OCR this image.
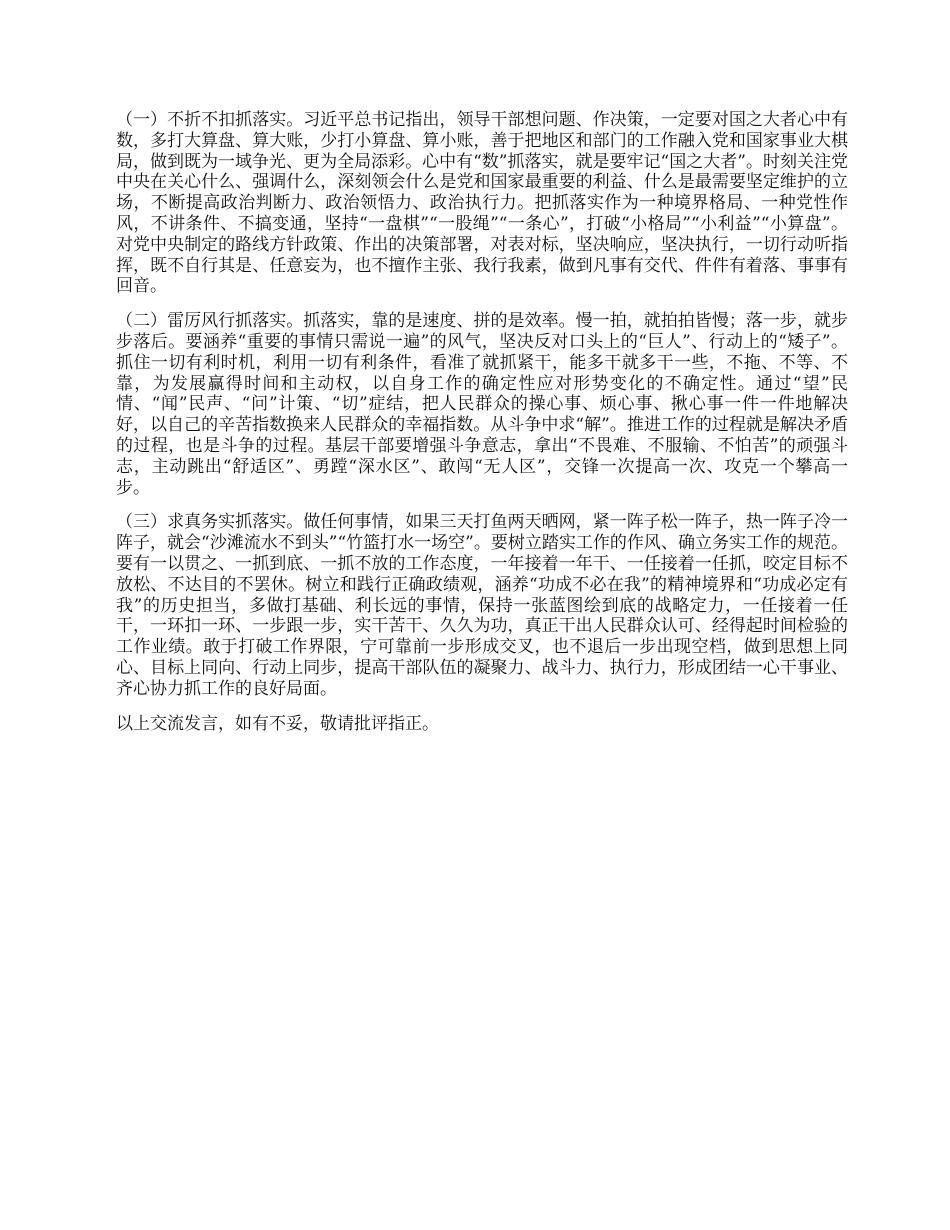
（一）不折不扣抓落实。习近平总书记指出，领导干部想问题、作决策，一定要对国之大者心中有数，多打大算盘、算大账，少打小算盘、算小账，善于把地区和部门的工作融入党和国家事业大棋局，做到既为一域争光、更为全局添彩。心中有“数”抓落实，就是要牢记“国之大者”。时刻关注党中央在关心什么、强调什么，深刻领会什么是党和国家最重要的利益、什么是最需要坚定维护的立场，不断提高政治判断力、政治领悟力、政治执行力。把抓落实作为一种境界格局、一种党性作风，不讲条件、不搞变通，坚持“一盘棋”“一股绳”“一条心”，打破“小格局”“小利益”“小算盘”。对党中央制定的路线方针政策、作出的决策部署，对表对标，坚决响应，坚决执行，一切行动听指挥，既不自行其是、任意妄为，也不擅作主张、我行我素，做到凡事有交代、件件有着落、事事有回音。

（二）雷厉风行抓落实。抓落实，靠的是速度、拼的是效率。慢一拍，就拍拍皆慢；落一步，就步步落后。要涵养“重要的事情只需说一遍”的风气，坚决反对口头上的“巨人”、行动上的“矮子”。抓住一切有利时机，利用一切有利条件，看准了就抓紧干，能多干就多干一些，不拖、不等、不靠，为发展赢得时间和主动权，以自身工作的确定性应对形势变化的不确定性。通过“望”民情、“闻”民声、“问”计策、“切”症结，把人民群众的操心事、烦心事、揪心事一件一件地解决好，以自己的辛苦指数换来人民群众的幸福指数。从斗争中求“解”。推进工作的过程就是解决矛盾的过程，也是斗争的过程。基层干部要增强斗争意志，拿出“不畏难、不服输、不怕苦”的顽强斗志，主动跳出“舒适区”、勇蹚“深水区”、敢闯“无人区”，交锋一次提高一次、攻克一个攀高一步。

（三）求真务实抓落实。做任何事情，如果三天打鱼两天晒网，紧一阵子松一阵子，热一阵子冷一阵子，就会“沙滩流水不到头”“竹篮打水一场空”。要树立踏实工作的作风、确立务实工作的规范。要有一以贯之、一抓到底、一抓不放的工作态度，一年接着一年干、一任接着一任抓，咬定目标不放松、不达目的不罢休。树立和践行正确政绩观，涵养“功成不必在我”的精神境界和“功成必定有我”的历史担当，多做打基础、利长远的事情，保持一张蓝图绘到底的战略定力，一任接着一任干，一环扣一环、一步跟一步，实干苦干、久久为功，真正干出人民群众认可、经得起时间检验的工作业绩。敢于打破工作界限，宁可靠前一步形成交叉，也不退后一步出现空档，做到思想上同心、目标上同向、行动上同步，提高干部队伍的凝聚力、战斗力、执行力，形成团结一心干事业、齐心协力抓工作的良好局面。

以上交流发言，如有不妥，敬请批评指正。
